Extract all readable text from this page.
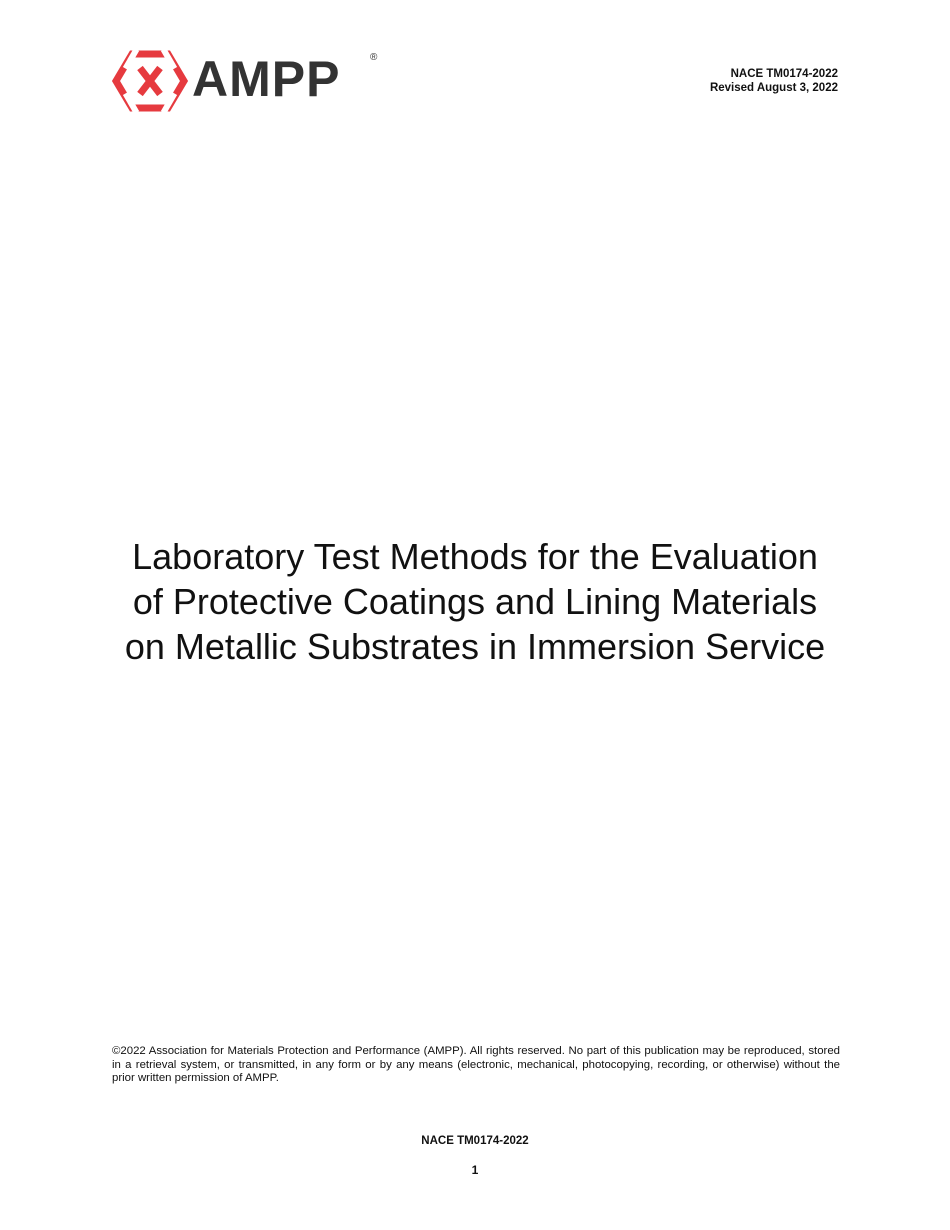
AMPP	®
NACE TM0174-2022
Revised August 3, 2022
Laboratory Test Methods for the Evaluation
of Protective Coatings and Lining Materials
on Metallic Substrates in Immersion Service
©2022 Association for Materials Protection and Performance (AMPP). All rights reserved. No part of this publication may be reproduced, stored in a retrieval system, or transmitted, in any form or by any means (electronic, mechanical, photocopying, recording, or otherwise) without the prior written permission of AMPP.
NACE TM0174-2022
1
